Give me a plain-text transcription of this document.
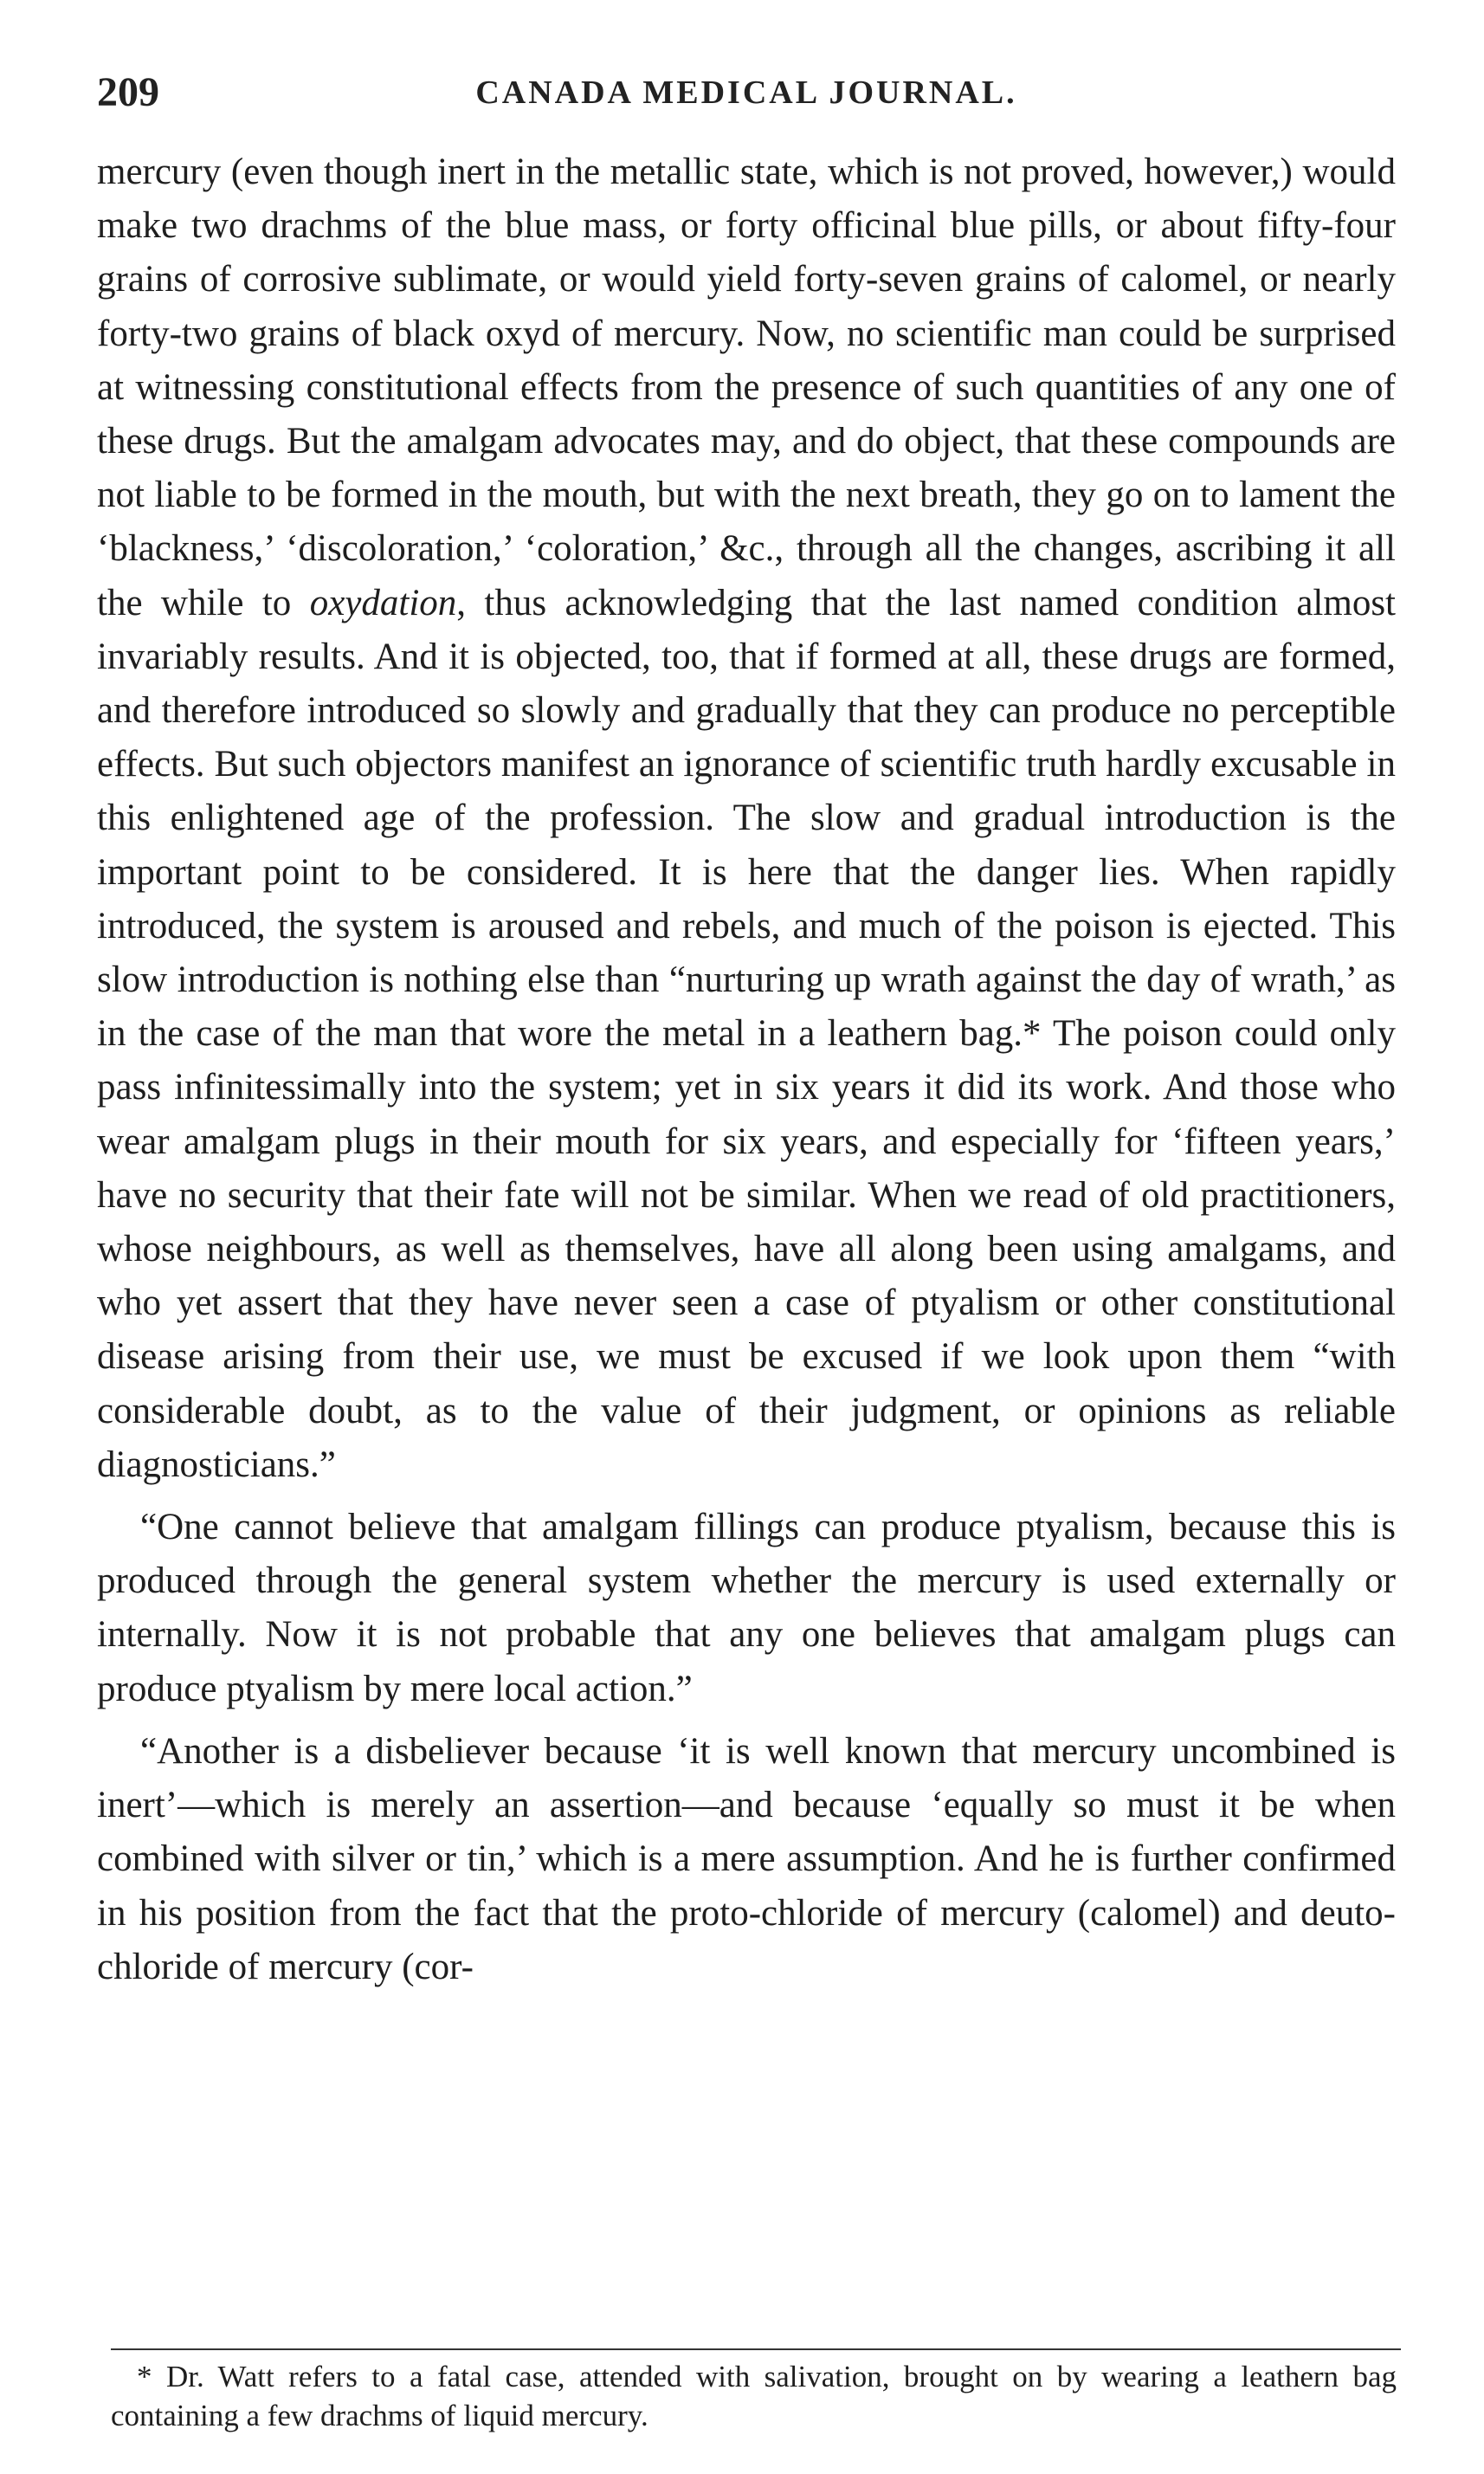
209	CANADA MEDICAL JOURNAL.

mercury (even though inert in the metallic state, which is not proved, however,) would make two drachms of the blue mass, or forty officinal blue pills, or about fifty-four grains of corrosive sublimate, or would yield forty-seven grains of calomel, or nearly forty-two grains of black oxyd of mercury. Now, no scientific man could be surprised at witnessing constitutional effects from the presence of such quantities of any one of these drugs. But the amalgam advocates may, and do object, that these compounds are not liable to be formed in the mouth, but with the next breath, they go on to lament the ‘blackness,’ ‘discoloration,’ ‘coloration,’ &c., through all the changes, ascribing it all the while to oxydation, thus acknowledging that the last named condition almost invariably results. And it is objected, too, that if formed at all, these drugs are formed, and therefore introduced so slowly and gradually that they can produce no perceptible effects. But such objectors manifest an ignorance of scientific truth hardly excusable in this enlightened age of the profession. The slow and gradual introduction is the important point to be considered. It is here that the danger lies. When rapidly introduced, the system is aroused and rebels, and much of the poison is ejected. This slow introduction is nothing else than “nurturing up wrath against the day of wrath,’ as in the case of the man that wore the metal in a leathern bag.* The poison could only pass infinitessimally into the system; yet in six years it did its work. And those who wear amalgam plugs in their mouth for six years, and especially for ‘fifteen years,’ have no security that their fate will not be similar. When we read of old practitioners, whose neighbours, as well as themselves, have all along been using amalgams, and who yet assert that they have never seen a case of ptyalism or other constitutional disease arising from their use, we must be excused if we look upon them “with considerable doubt, as to the value of their judgment, or opinions as reliable diagnosticians.”

“One cannot believe that amalgam fillings can produce ptyalism, because this is produced through the general system whether the mercury is used externally or internally. Now it is not probable that any one believes that amalgam plugs can produce ptyalism by mere local action.”

“Another is a disbeliever because ‘it is well known that mercury uncombined is inert’—which is merely an assertion—and because ‘equally so must it be when combined with silver or tin,’ which is a mere assumption. And he is further confirmed in his position from the fact that the proto-chloride of mercury (calomel) and deuto-chloride of mercury (cor-

* Dr. Watt refers to a fatal case, attended with salivation, brought on by wearing a leathern bag containing a few drachms of liquid mercury.
